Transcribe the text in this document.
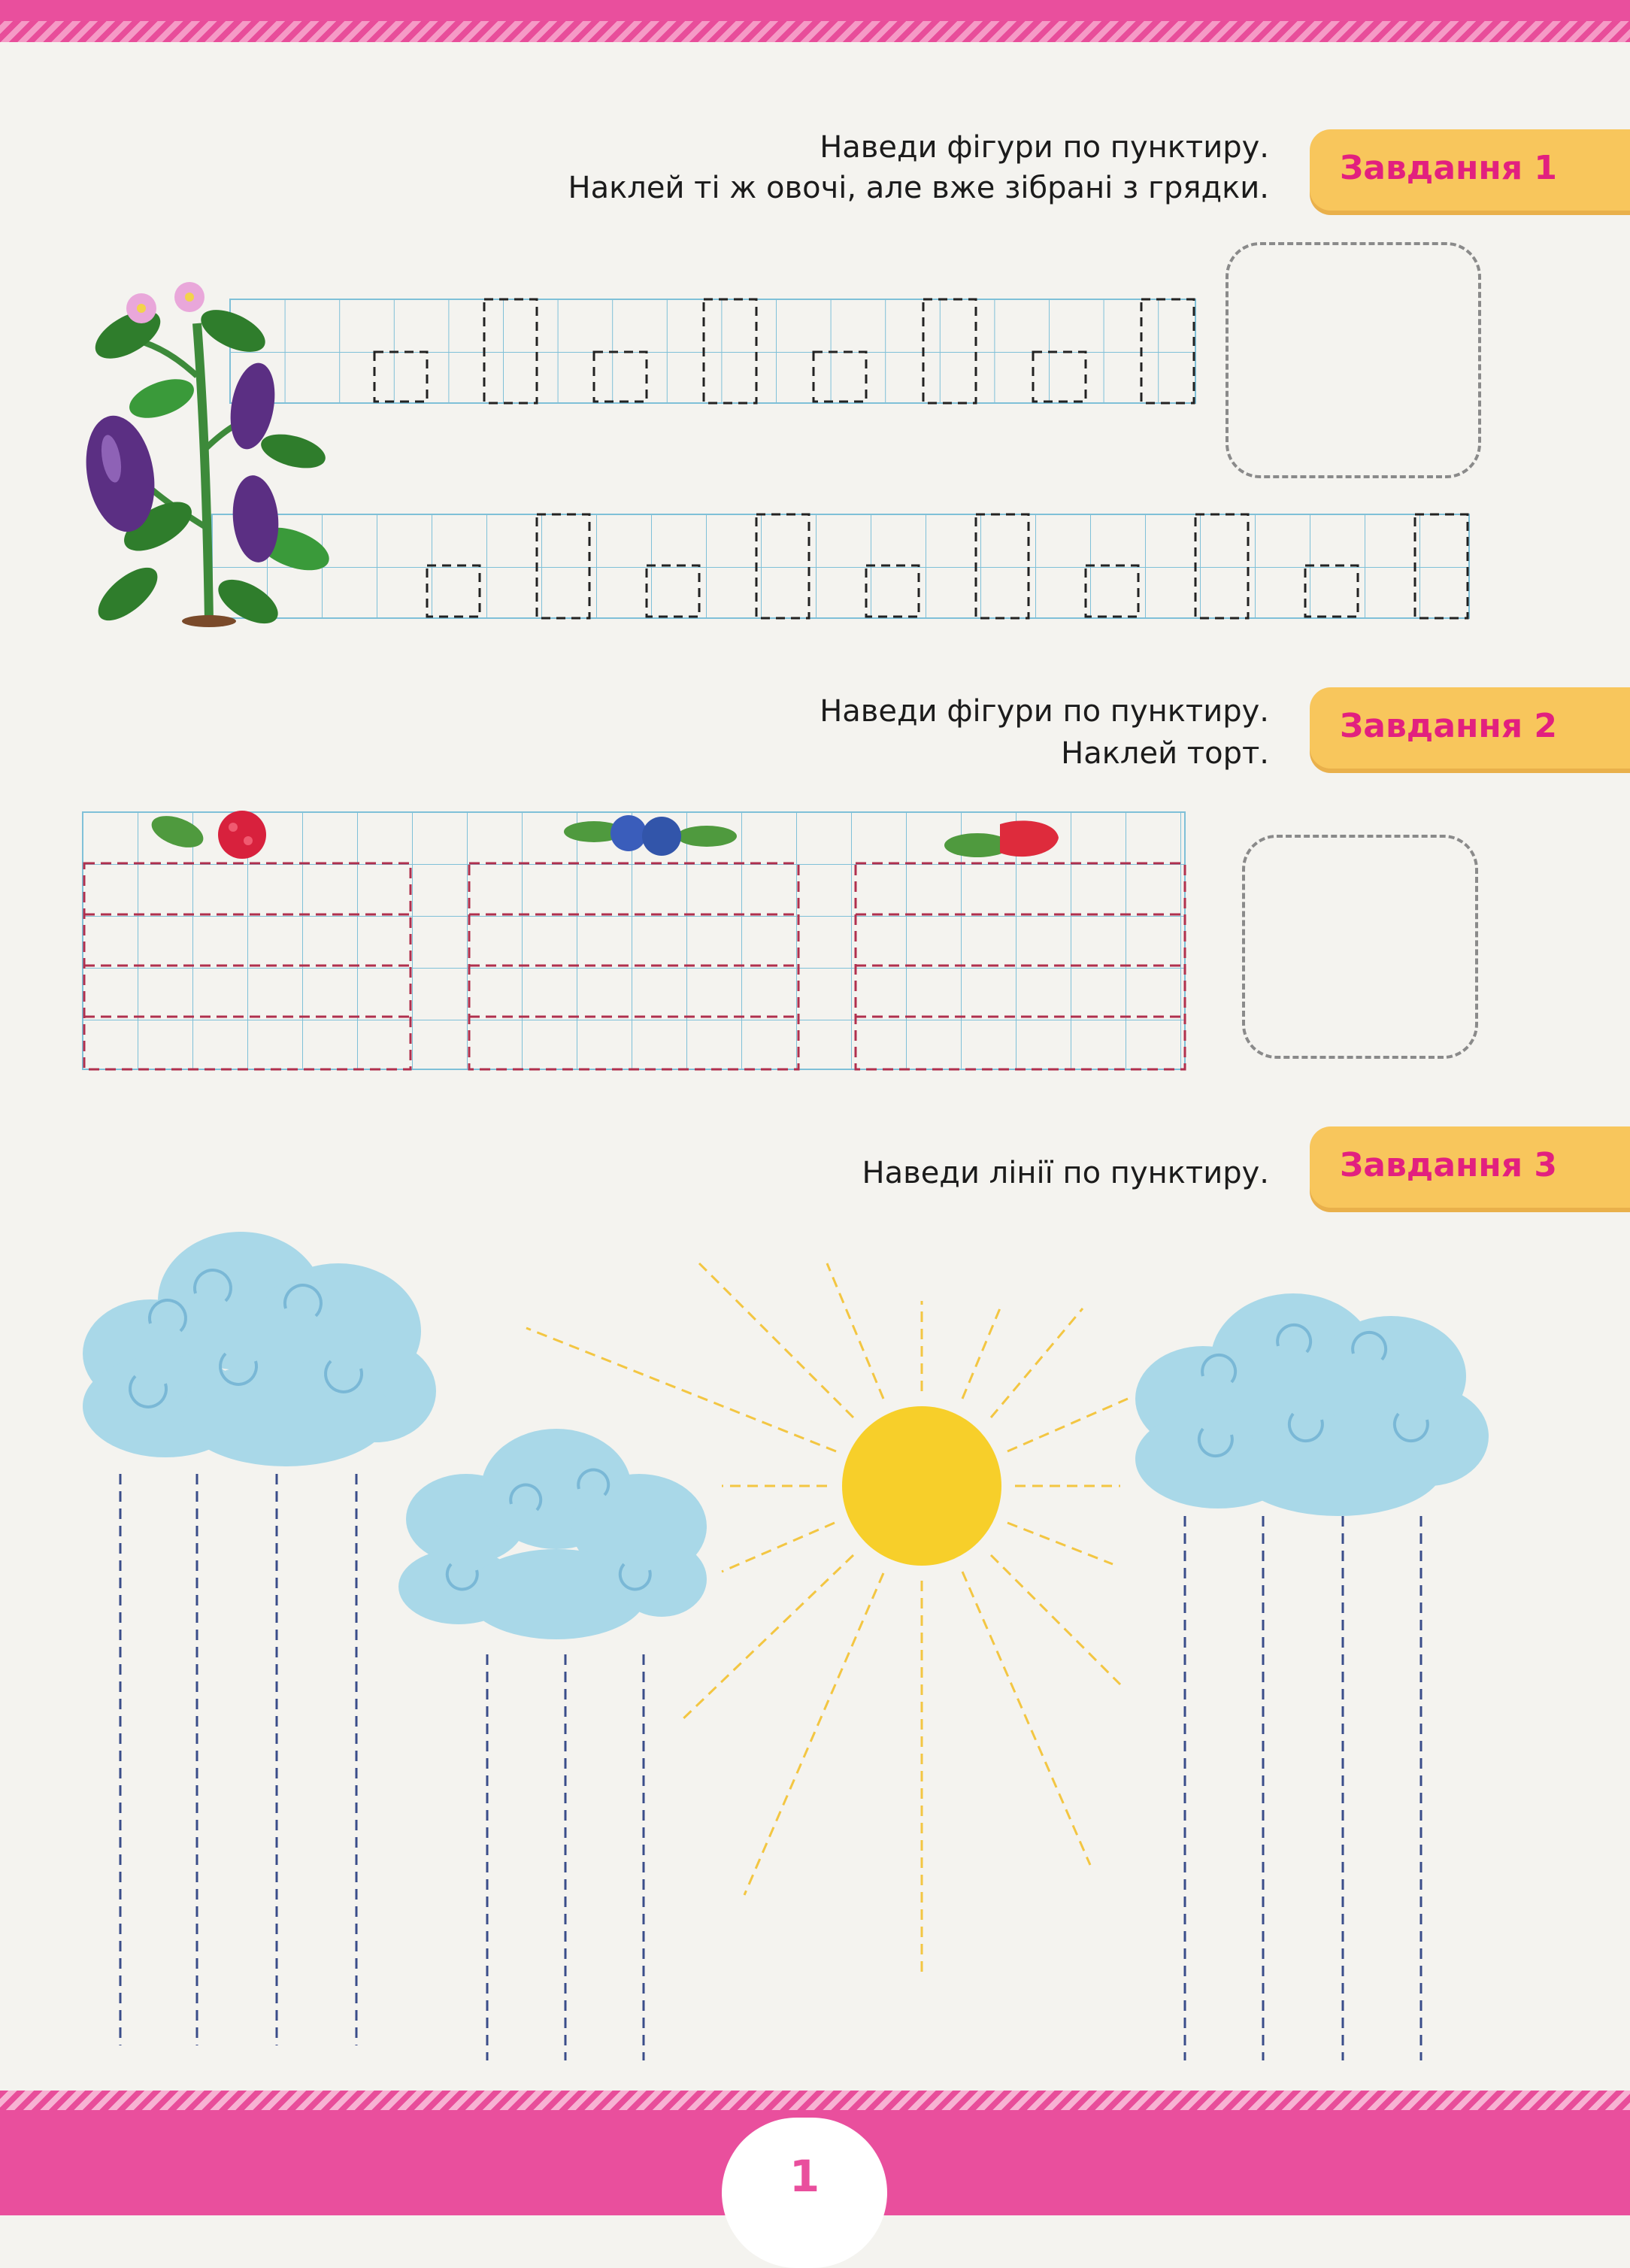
Наведи фігури по пунктиру.
Наклей ті ж овочі, але вже зібрані з грядки.
Завдання 1
Наведи фігури по пунктиру.
Наклей торт.
Завдання 2
Наведи лінії по пунктиру. Завдання 3
1
